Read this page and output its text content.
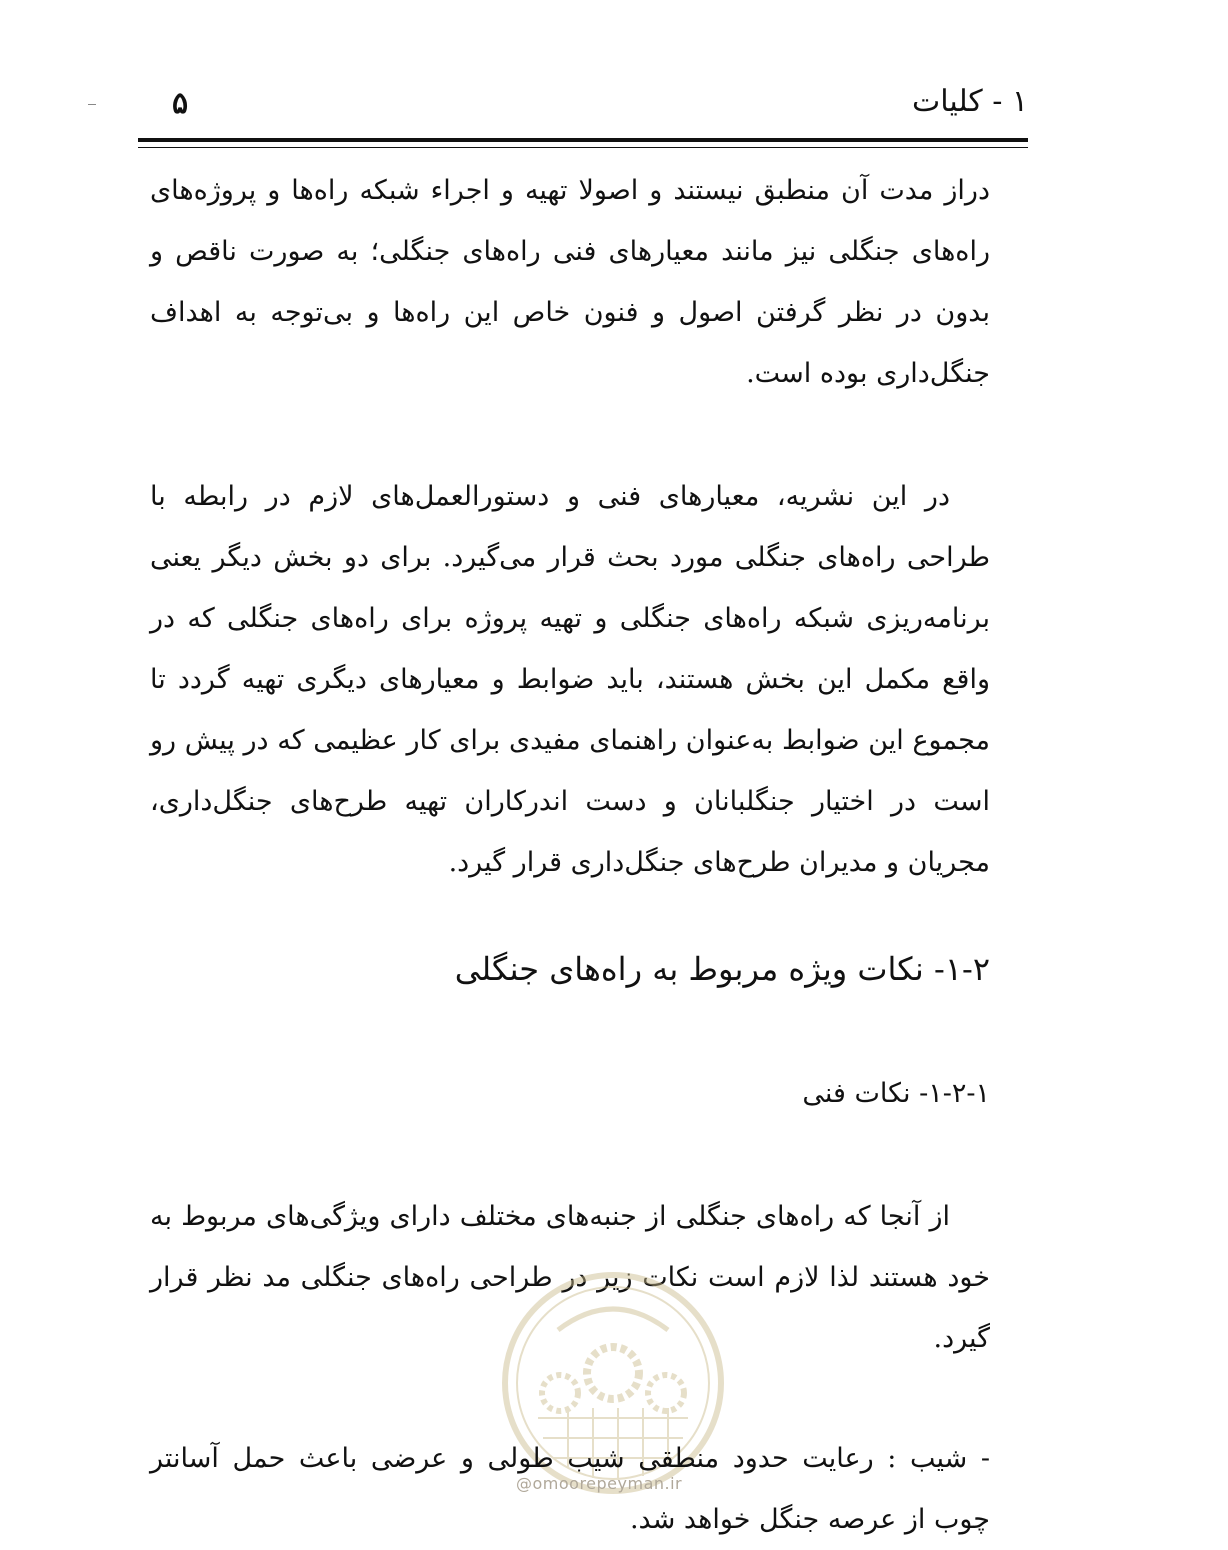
۵	۱ - کلیات

دراز مدت آن منطبق نیستند و اصولا تهیه و اجراء شبکه راه‌ها و پروژه‌های راه‌های جنگلی نیز مانند معیارهای فنی راه‌های جنگلی؛ به صورت ناقص و بدون در نظر گرفتن اصول و فنون خاص این راه‌ها و بی‌توجه به اهداف جنگل‌داری بوده است.

در این نشریه، معیارهای فنی و دستورالعمل‌های لازم در رابطه با طراحی راه‌های جنگلی مورد بحث قرار می‌گیرد. برای دو بخش دیگر یعنی برنامه‌ریزی شبکه راه‌های جنگلی و تهیه پروژه برای راه‌های جنگلی که در واقع مکمل این بخش هستند، باید ضوابط و معیارهای دیگری تهیه گردد تا مجموع این ضوابط به‌عنوان راهنمای مفیدی برای کار عظیمی که در پیش رو است در اختیار جنگلبانان و دست اندرکاران تهیه طرح‌های جنگل‌داری، مجریان و مدیران طرح‌های جنگل‌داری قرار گیرد.

۱-۲- نکات ویژه مربوط به راه‌های جنگلی
۱-۲-۱- نکات فنی

از آنجا که راه‌های جنگلی از جنبه‌های مختلف دارای ویژگی‌های مربوط به خود هستند لذا لازم است نکات زیر در طراحی راه‌های جنگلی مد نظر قرار گیرد.

@omoorepeyman.ir

- شیب : رعایت حدود منطقی شیب طولی و عرضی باعث حمل آسانتر چوب از عرصه جنگل خواهد شد.
